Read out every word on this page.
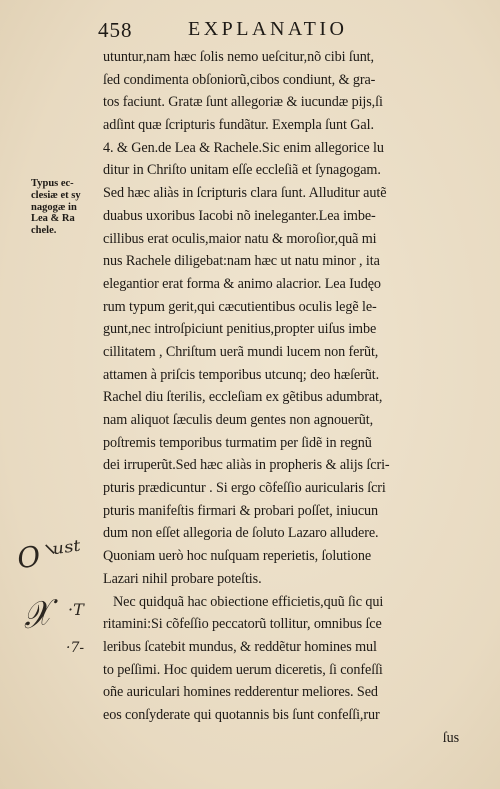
458	EXPLANATIO
Typus ec-
clesiæ et sy
nagogæ in
Lea & Ra
chele.
O⸌ᵘˢᵗ
𝒳 ·T
·7-
utuntur,nam hæc ſolis nemo ueſcitur,nõ cibi ſunt,
ſed condimenta obſoniorũ,cibos condiunt, & gra-
tos faciunt. Gratæ ſunt allegoriæ & iucundæ pijs,ſi
adſint quæ ſcripturis fundãtur. Exempla ſunt Gal.
4. & Gen.de Lea & Rachele.Sic enim allegorice lu
ditur in Chriſto unitam eſſe eccleſiã et ſynagogam.
Sed hæc aliàs in ſcripturis clara ſunt. Alluditur autẽ
duabus uxoribus Iacobi nõ ineleganter.Lea imbe-
cillibus erat oculis,maior natu & moroſior,quã mi
nus Rachele diligebat:nam hæc ut natu minor , ita
elegantior erat forma & animo alacrior. Lea Iudęo
rum typum gerit,qui cæcutientibus oculis legẽ le-
gunt,nec introſpiciunt penitius,propter uiſus imbe
cillitatem , Chriſtum uerã mundi lucem non ferũt,
attamen à priſcis temporibus utcunq; deo hæſerũt.
Rachel diu ſterilis, eccleſiam ex gẽtibus adumbrat,
nam aliquot ſæculis deum gentes non agnouerũt,
poſtremis temporibus turmatim per ſidẽ in regnũ
dei irruperũt.Sed hæc aliàs in propheris & alijs ſcri-
pturis prædicuntur . Si ergo cõfeſſio auricularis ſcri
pturis manifeſtis firmari & probari poſſet, iniucun
dum non eſſet allegoria de ſoluto Lazaro alludere.
Quoniam uerò hoc nuſquam reperietis, ſolutione
Lazari nihil probare poteſtis.
Nec quidquã hac obiectione efficietis,quũ ſic qui
ritamini:Si cõfeſſio peccatorũ tollitur, omnibus ſce
leribus ſcatebit mundus, & reddẽtur homines mul
to peſſimi. Hoc quidem uerum diceretis, ſi confeſſi
oñe auriculari homines redderentur meliores. Sed
eos conſyderate qui quotannis bis ſunt confeſſi,rur
ſus
